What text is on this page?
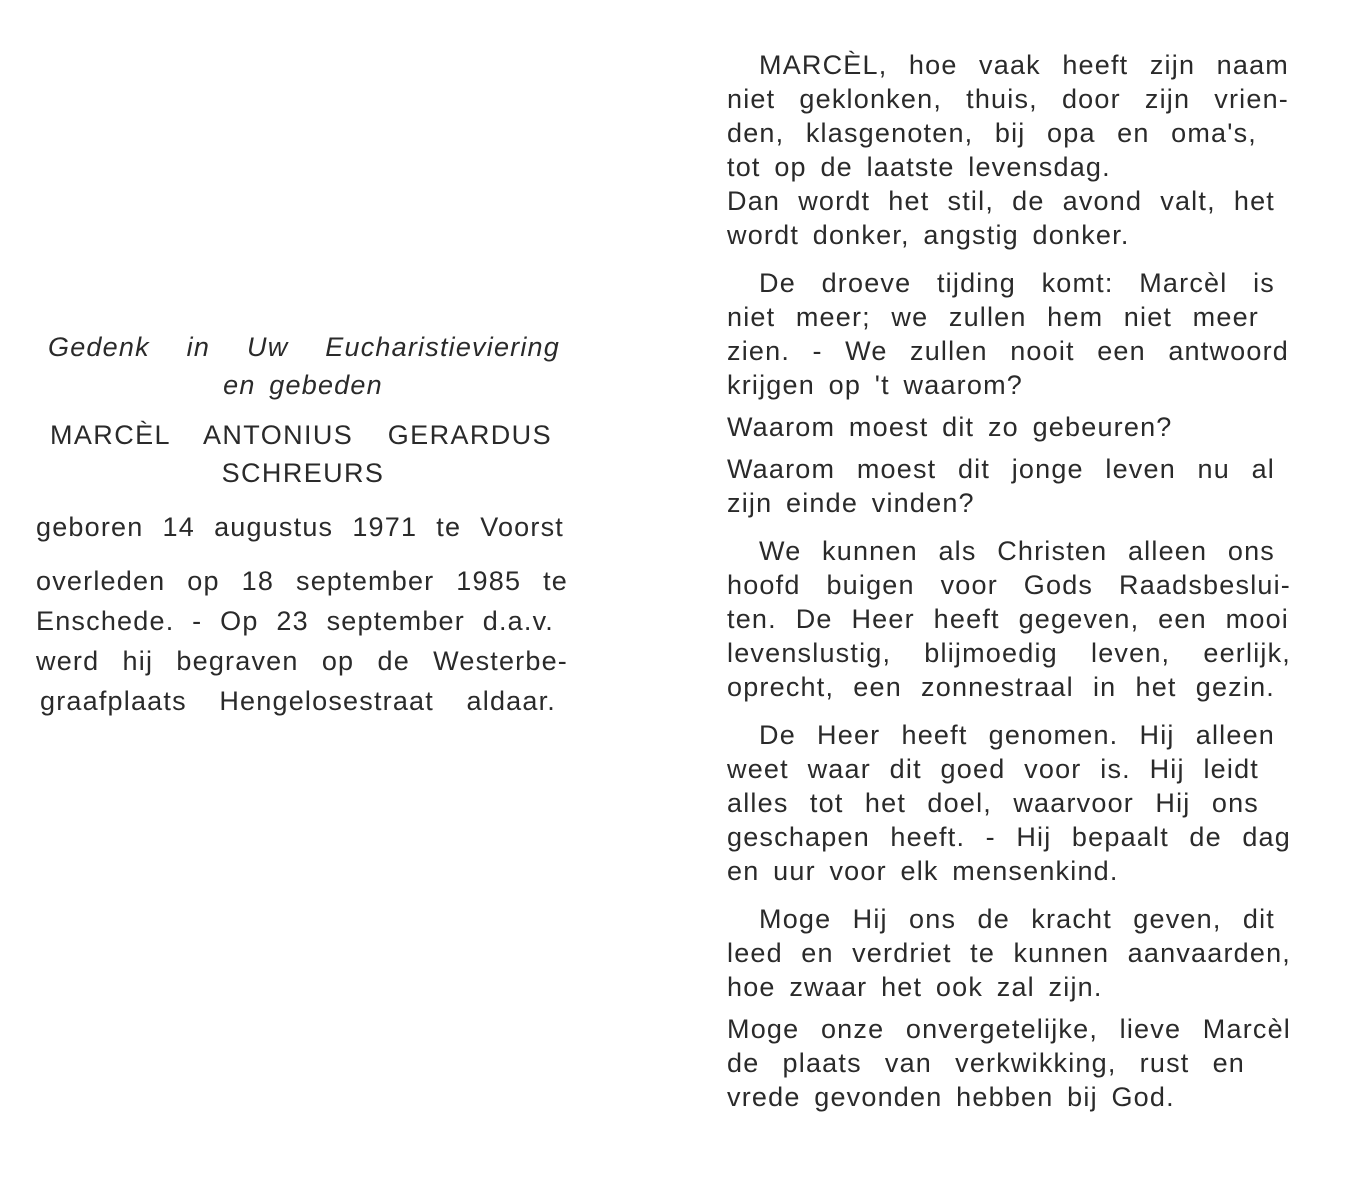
Gedenk in Uw Eucharistieviering
en gebeden
MARCÈL ANTONIUS GERARDUS
SCHREURS
geboren 14 augustus 1971 te Voorst
overleden op 18 september 1985 te
Enschede. - Op 23 september d.a.v.
werd hij begraven op de Westerbe-
graafplaats Hengelosestraat aldaar.
MARCÈL, hoe vaak heeft zijn naam
niet geklonken, thuis, door zijn vrien-
den, klasgenoten, bij opa en oma's,
tot op de laatste levensdag.
Dan wordt het stil, de avond valt, het
wordt donker, angstig donker.
De droeve tijding komt: Marcèl is
niet meer; we zullen hem niet meer
zien. - We zullen nooit een antwoord
krijgen op 't waarom?
Waarom moest dit zo gebeuren?
Waarom moest dit jonge leven nu al
zijn einde vinden?
We kunnen als Christen alleen ons
hoofd buigen voor Gods Raadsbeslui-
ten. De Heer heeft gegeven, een mooi
levenslustig, blijmoedig leven, eerlijk,
oprecht, een zonnestraal in het gezin.
De Heer heeft genomen. Hij alleen
weet waar dit goed voor is. Hij leidt
alles tot het doel, waarvoor Hij ons
geschapen heeft. - Hij bepaalt de dag
en uur voor elk mensenkind.
Moge Hij ons de kracht geven, dit
leed en verdriet te kunnen aanvaarden,
hoe zwaar het ook zal zijn.
Moge onze onvergetelijke, lieve Marcèl
de plaats van verkwikking, rust en
vrede gevonden hebben bij God.
